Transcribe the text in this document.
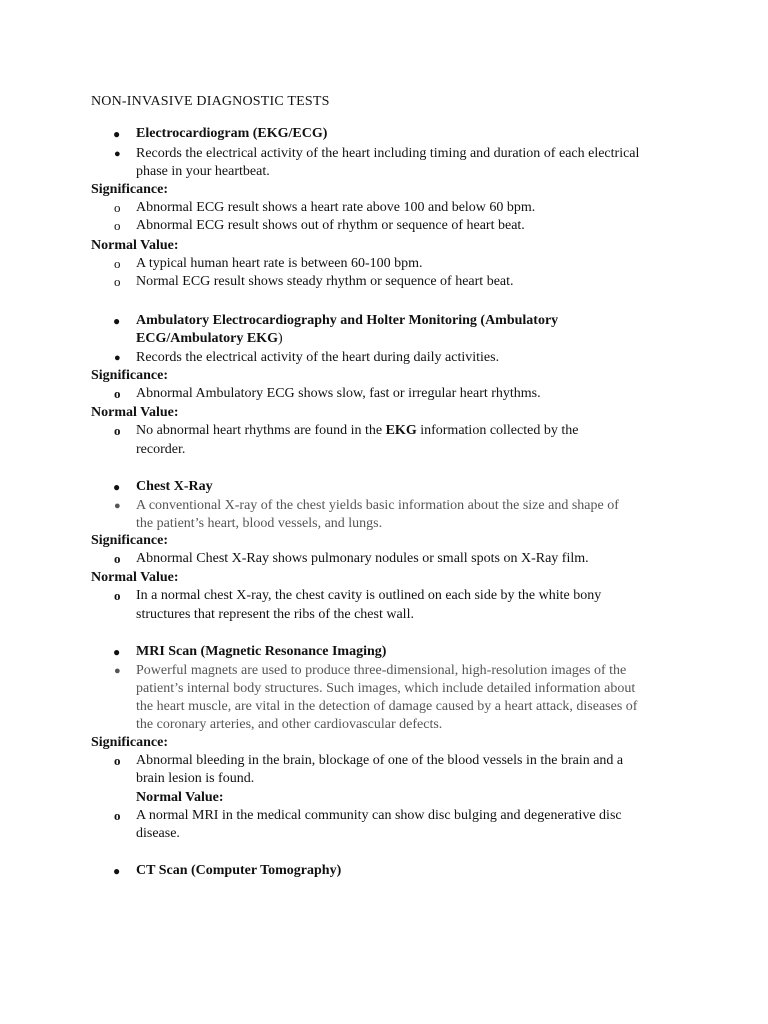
NON-INVASIVE DIAGNOSTIC TESTS
● Electrocardiogram (EKG/ECG)
● Records the electrical activity of the heart including timing and duration of each electrical
phase in your heartbeat.
Significance:
o Abnormal ECG result shows a heart rate above 100 and below 60 bpm.
o Abnormal ECG result shows out of rhythm or sequence of heart beat.
Normal Value:
o A typical human heart rate is between 60-100 bpm.
o Normal ECG result shows steady rhythm or sequence of heart beat.
● Ambulatory Electrocardiography and Holter Monitoring (Ambulatory
ECG/Ambulatory EKG)
● Records the electrical activity of the heart during daily activities.
Significance:
o Abnormal Ambulatory ECG shows slow, fast or irregular heart rhythms.
Normal Value:
o No abnormal heart rhythms are found in the EKG information collected by the
recorder.
● Chest X-Ray
● A conventional X-ray of the chest yields basic information about the size and shape of
the patient’s heart, blood vessels, and lungs.
Significance:
o Abnormal Chest X-Ray shows pulmonary nodules or small spots on X-Ray film.
Normal Value:
o In a normal chest X-ray, the chest cavity is outlined on each side by the white bony
structures that represent the ribs of the chest wall.
● MRI Scan (Magnetic Resonance Imaging)
● Powerful magnets are used to produce three-dimensional, high-resolution images of the
patient’s internal body structures. Such images, which include detailed information about
the heart muscle, are vital in the detection of damage caused by a heart attack, diseases of
the coronary arteries, and other cardiovascular defects.
Significance:
o Abnormal bleeding in the brain, blockage of one of the blood vessels in the brain and a
brain lesion is found.
Normal Value:
o A normal MRI in the medical community can show disc bulging and degenerative disc
disease.
● CT Scan (Computer Tomography)
